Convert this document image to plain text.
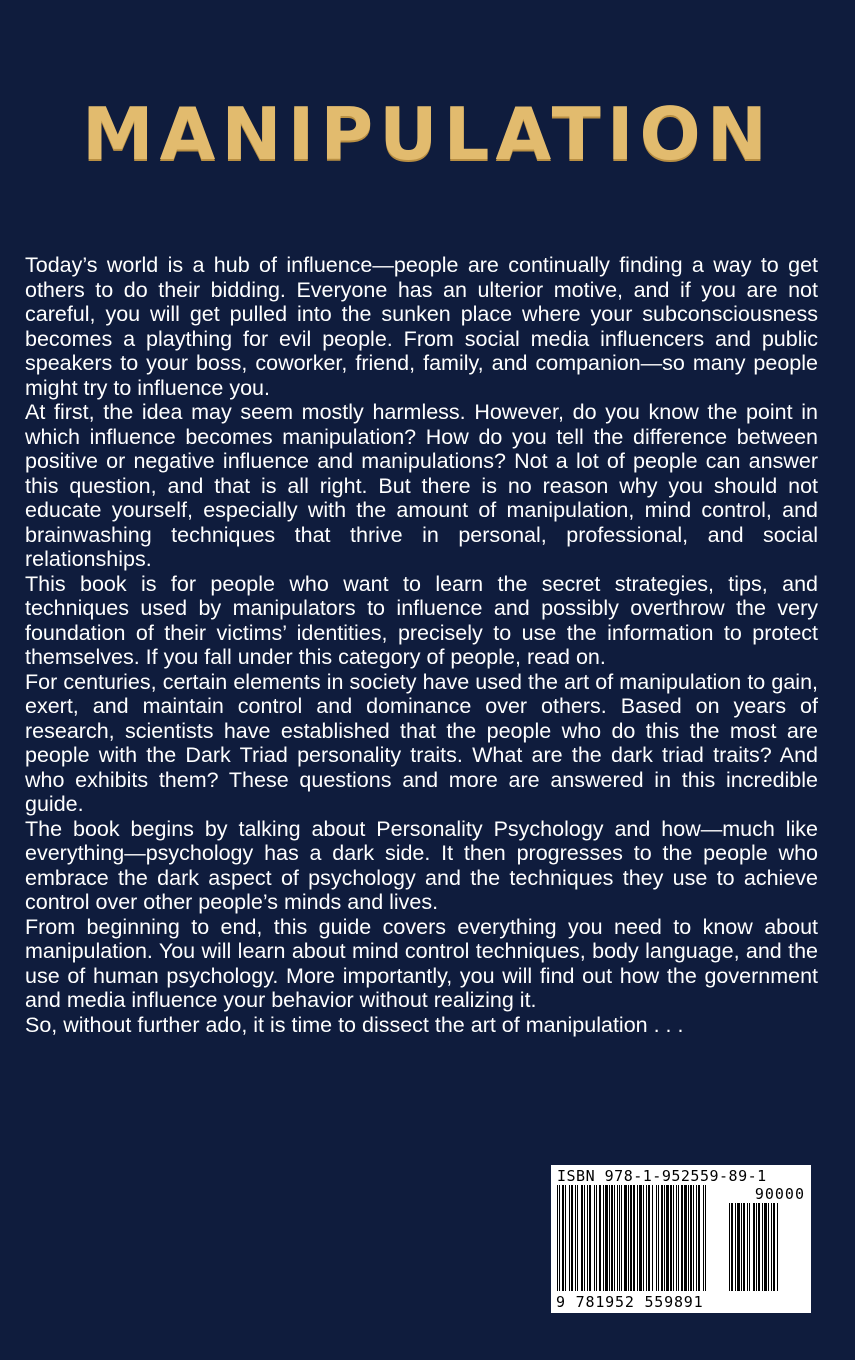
MANIPULATION

Today’s world is a hub of influence—people are continually finding a way to get others to do their bidding. Everyone has an ulterior motive, and if you are not careful, you will get pulled into the sunken place where your subconsciousness becomes a plaything for evil people. From social media influencers and public speakers to your boss, coworker, friend, family, and companion—so many people might try to influence you.

At first, the idea may seem mostly harmless. However, do you know the point in which influence becomes manipulation? How do you tell the difference between positive or negative influence and manipulations? Not a lot of people can answer this question, and that is all right. But there is no reason why you should not educate yourself, especially with the amount of manipulation, mind control, and brainwashing techniques that thrive in personal, professional, and social relationships.

This book is for people who want to learn the secret strategies, tips, and techniques used by manipulators to influence and possibly overthrow the very foundation of their victims’ identities, precisely to use the information to protect themselves. If you fall under this category of people, read on.

For centuries, certain elements in society have used the art of manipulation to gain, exert, and maintain control and dominance over others. Based on years of research, scientists have established that the people who do this the most are people with the Dark Triad personality traits. What are the dark triad traits? And who exhibits them? These questions and more are answered in this incredible guide.

The book begins by talking about Personality Psychology and how—much like everything—psychology has a dark side. It then progresses to the people who embrace the dark aspect of psychology and the techniques they use to achieve control over other people’s minds and lives.

From beginning to end, this guide covers everything you need to know about manipulation. You will learn about mind control techniques, body language, and the use of human psychology. More importantly, you will find out how the government and media influence your behavior without realizing it.

So, without further ado, it is time to dissect the art of manipulation . . .

ISBN 978-1-952559-89-1
90000
9 781952 559891
